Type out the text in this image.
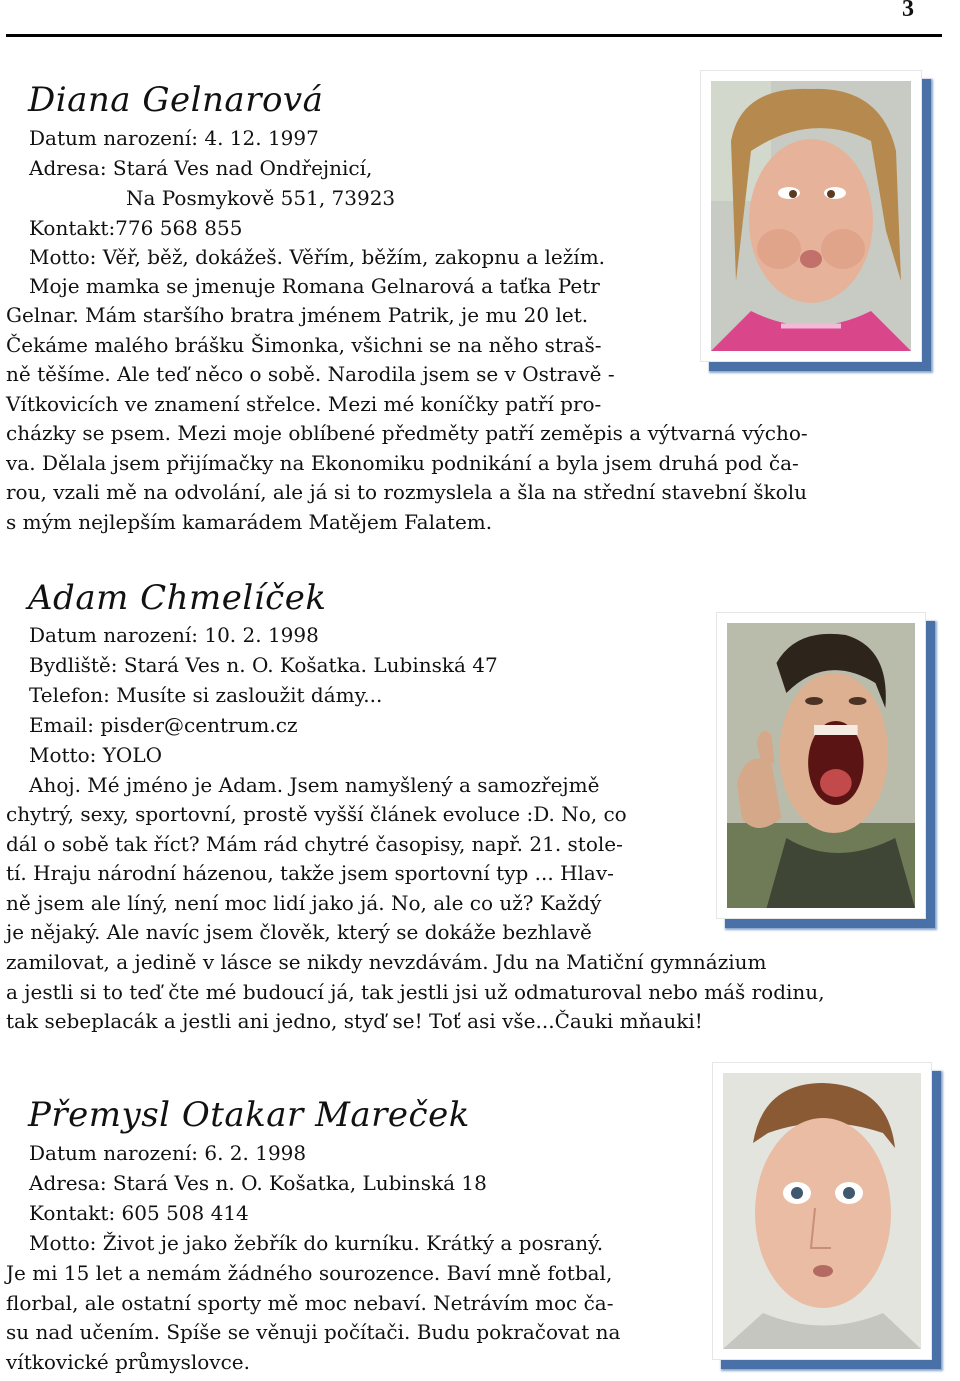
3
Diana Gelnarová
Datum narození: 4. 12. 1997
Adresa: Stará Ves nad Ondřejnicí,
Na Posmykově 551, 73923
Kontakt:776 568 855
Motto: Věř, běž, dokážeš. Věřím, běžím, zakopnu a ležím.
Moje mamka se jmenuje Romana Gelnarová a taťka Petr
Gelnar. Mám staršího bratra jménem Patrik, je mu 20 let.
Čekáme malého brášku Šimonka, všichni se na něho straš-
ně těšíme. Ale teď něco o sobě. Narodila jsem se v Ostravě -
Vítkovicích ve znamení střelce. Mezi mé koníčky patří pro-
cházky se psem. Mezi moje oblíbené předměty patří zeměpis a výtvarná výcho-
va. Dělala jsem přijímačky na Ekonomiku podnikání a byla jsem druhá pod ča-
rou, vzali mě na odvolání, ale já si to rozmyslela a šla na střední stavební školu
s mým nejlepším kamarádem Matějem Falatem.
Adam Chmelíček
Datum narození: 10. 2. 1998
Bydliště: Stará Ves n. O. Košatka. Lubinská 47
Telefon: Musíte si zasloužit dámy...
Email: pisder@centrum.cz
Motto: YOLO
Ahoj. Mé jméno je Adam. Jsem namyšlený a samozřejmě
chytrý, sexy, sportovní, prostě vyšší článek evoluce :D. No, co
dál o sobě tak říct? Mám rád chytré časopisy, např. 21. stole-
tí. Hraju národní házenou, takže jsem sportovní typ ... Hlav-
ně jsem ale líný, není moc lidí jako já. No, ale co už? Každý
je nějaký. Ale navíc jsem člověk, který se dokáže bezhlavě
zamilovat, a jedině v lásce se nikdy nevzdávám. Jdu na Matiční gymnázium
a jestli si to teď čte mé budoucí já, tak jestli jsi už odmaturoval nebo máš rodinu,
tak sebeplacák a jestli ani jedno, styď se! Toť asi vše...Čauki mňauki!
Přemysl Otakar Mareček
Datum narození: 6. 2. 1998
Adresa: Stará Ves n. O. Košatka, Lubinská 18
Kontakt: 605 508 414
Motto: Život je jako žebřík do kurníku. Krátký a posraný.
Je mi 15 let a nemám žádného sourozence. Baví mně fotbal,
florbal, ale ostatní sporty mě moc nebaví. Netrávím moc ča-
su nad učením. Spíše se věnuji počítači. Budu pokračovat na
vítkovické průmyslovce.
